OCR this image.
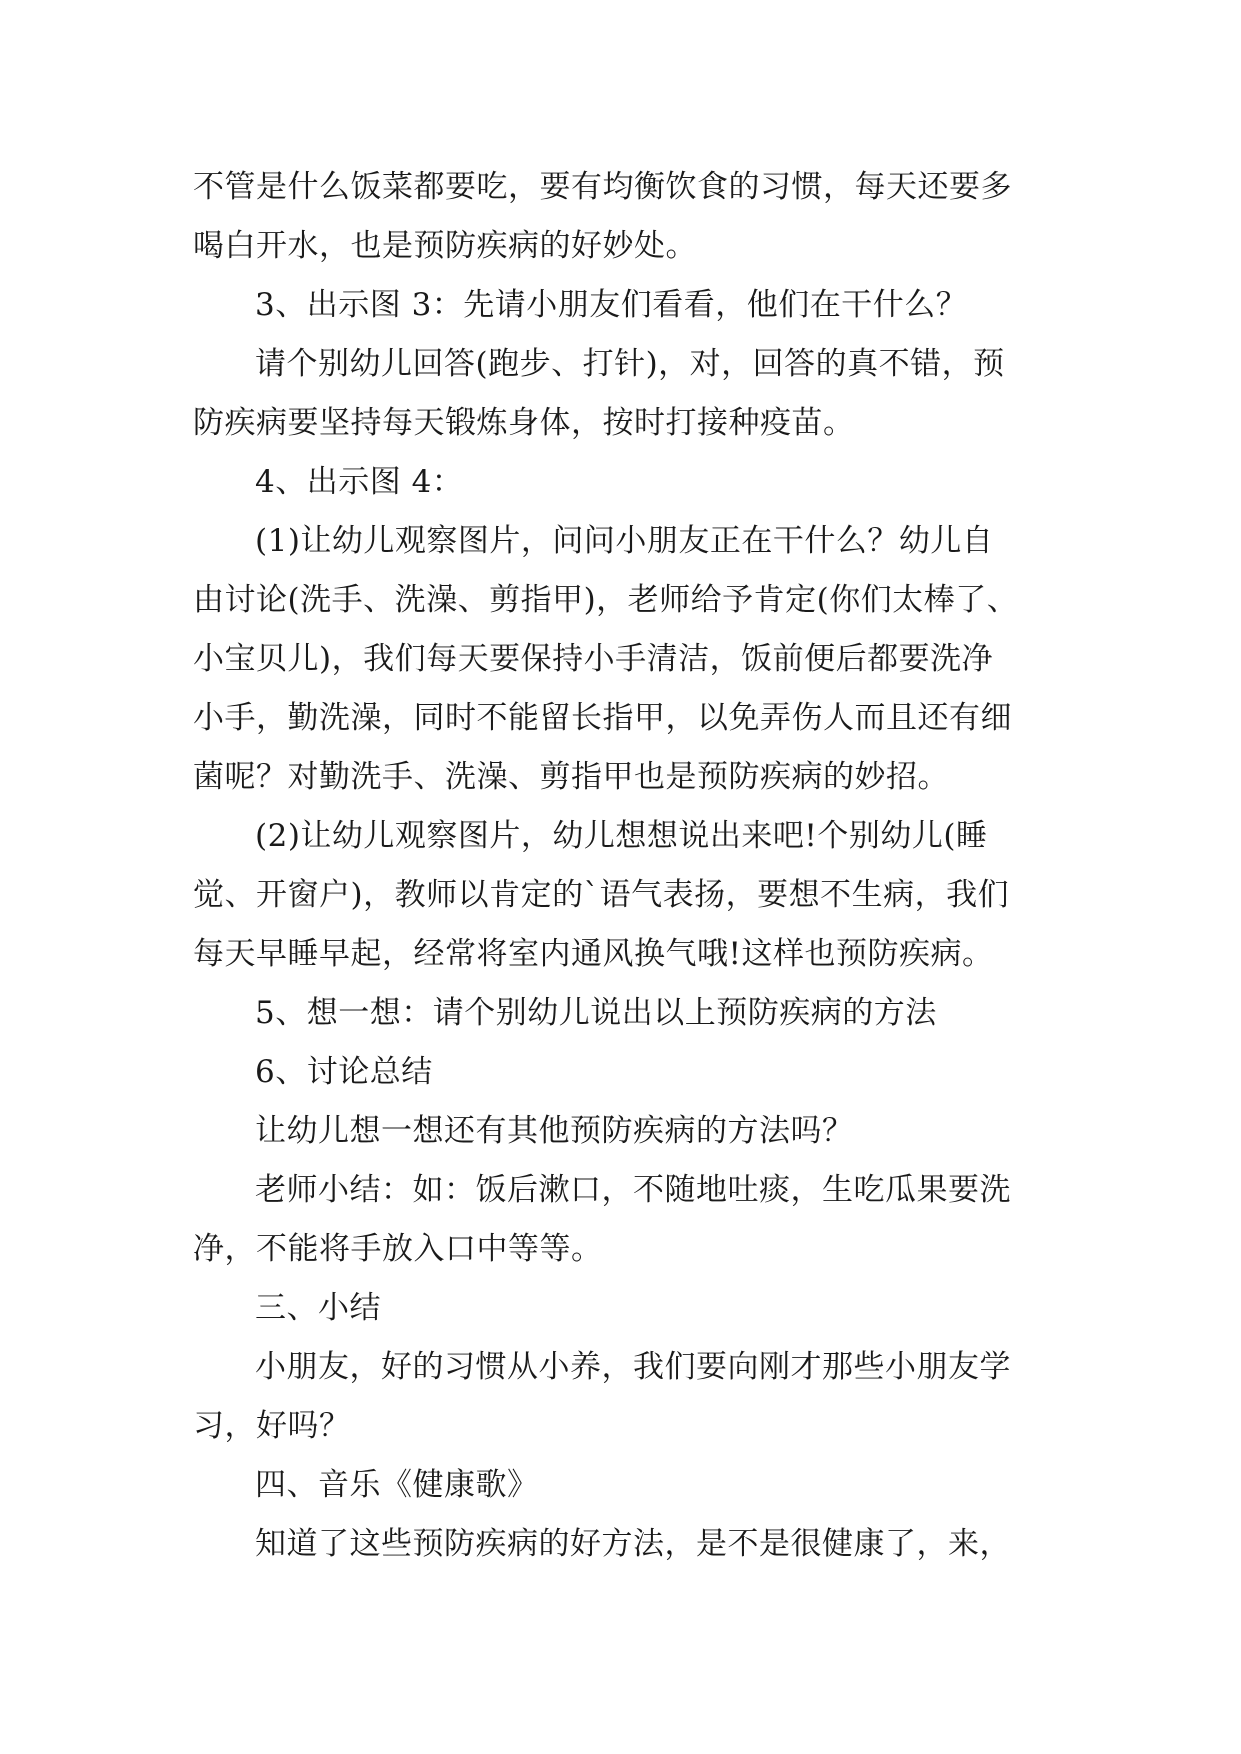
不管是什么饭菜都要吃，要有均衡饮食的习惯，每天还要多
喝白开水，也是预防疾病的好妙处。
3、出示图 3：先请小朋友们看看，他们在干什么？
请个别幼儿回答(跑步、打针)，对，回答的真不错，预
防疾病要坚持每天锻炼身体，按时打接种疫苗。
4、出示图 4：
(1)让幼儿观察图片，问问小朋友正在干什么？幼儿自
由讨论(洗手、洗澡、剪指甲)，老师给予肯定(你们太棒了、
小宝贝儿)，我们每天要保持小手清洁，饭前便后都要洗净
小手，勤洗澡，同时不能留长指甲，以免弄伤人而且还有细
菌呢？对勤洗手、洗澡、剪指甲也是预防疾病的妙招。
(2)让幼儿观察图片，幼儿想想说出来吧!个别幼儿(睡
觉、开窗户)，教师以肯定的`语气表扬，要想不生病，我们
每天早睡早起，经常将室内通风换气哦!这样也预防疾病。
5、想一想：请个别幼儿说出以上预防疾病的方法
6、讨论总结
让幼儿想一想还有其他预防疾病的方法吗？
老师小结：如：饭后漱口，不随地吐痰，生吃瓜果要洗
净，不能将手放入口中等等。
三、小结
小朋友，好的习惯从小养，我们要向刚才那些小朋友学
习，好吗？
四、音乐《健康歌》
知道了这些预防疾病的好方法，是不是很健康了，来，
